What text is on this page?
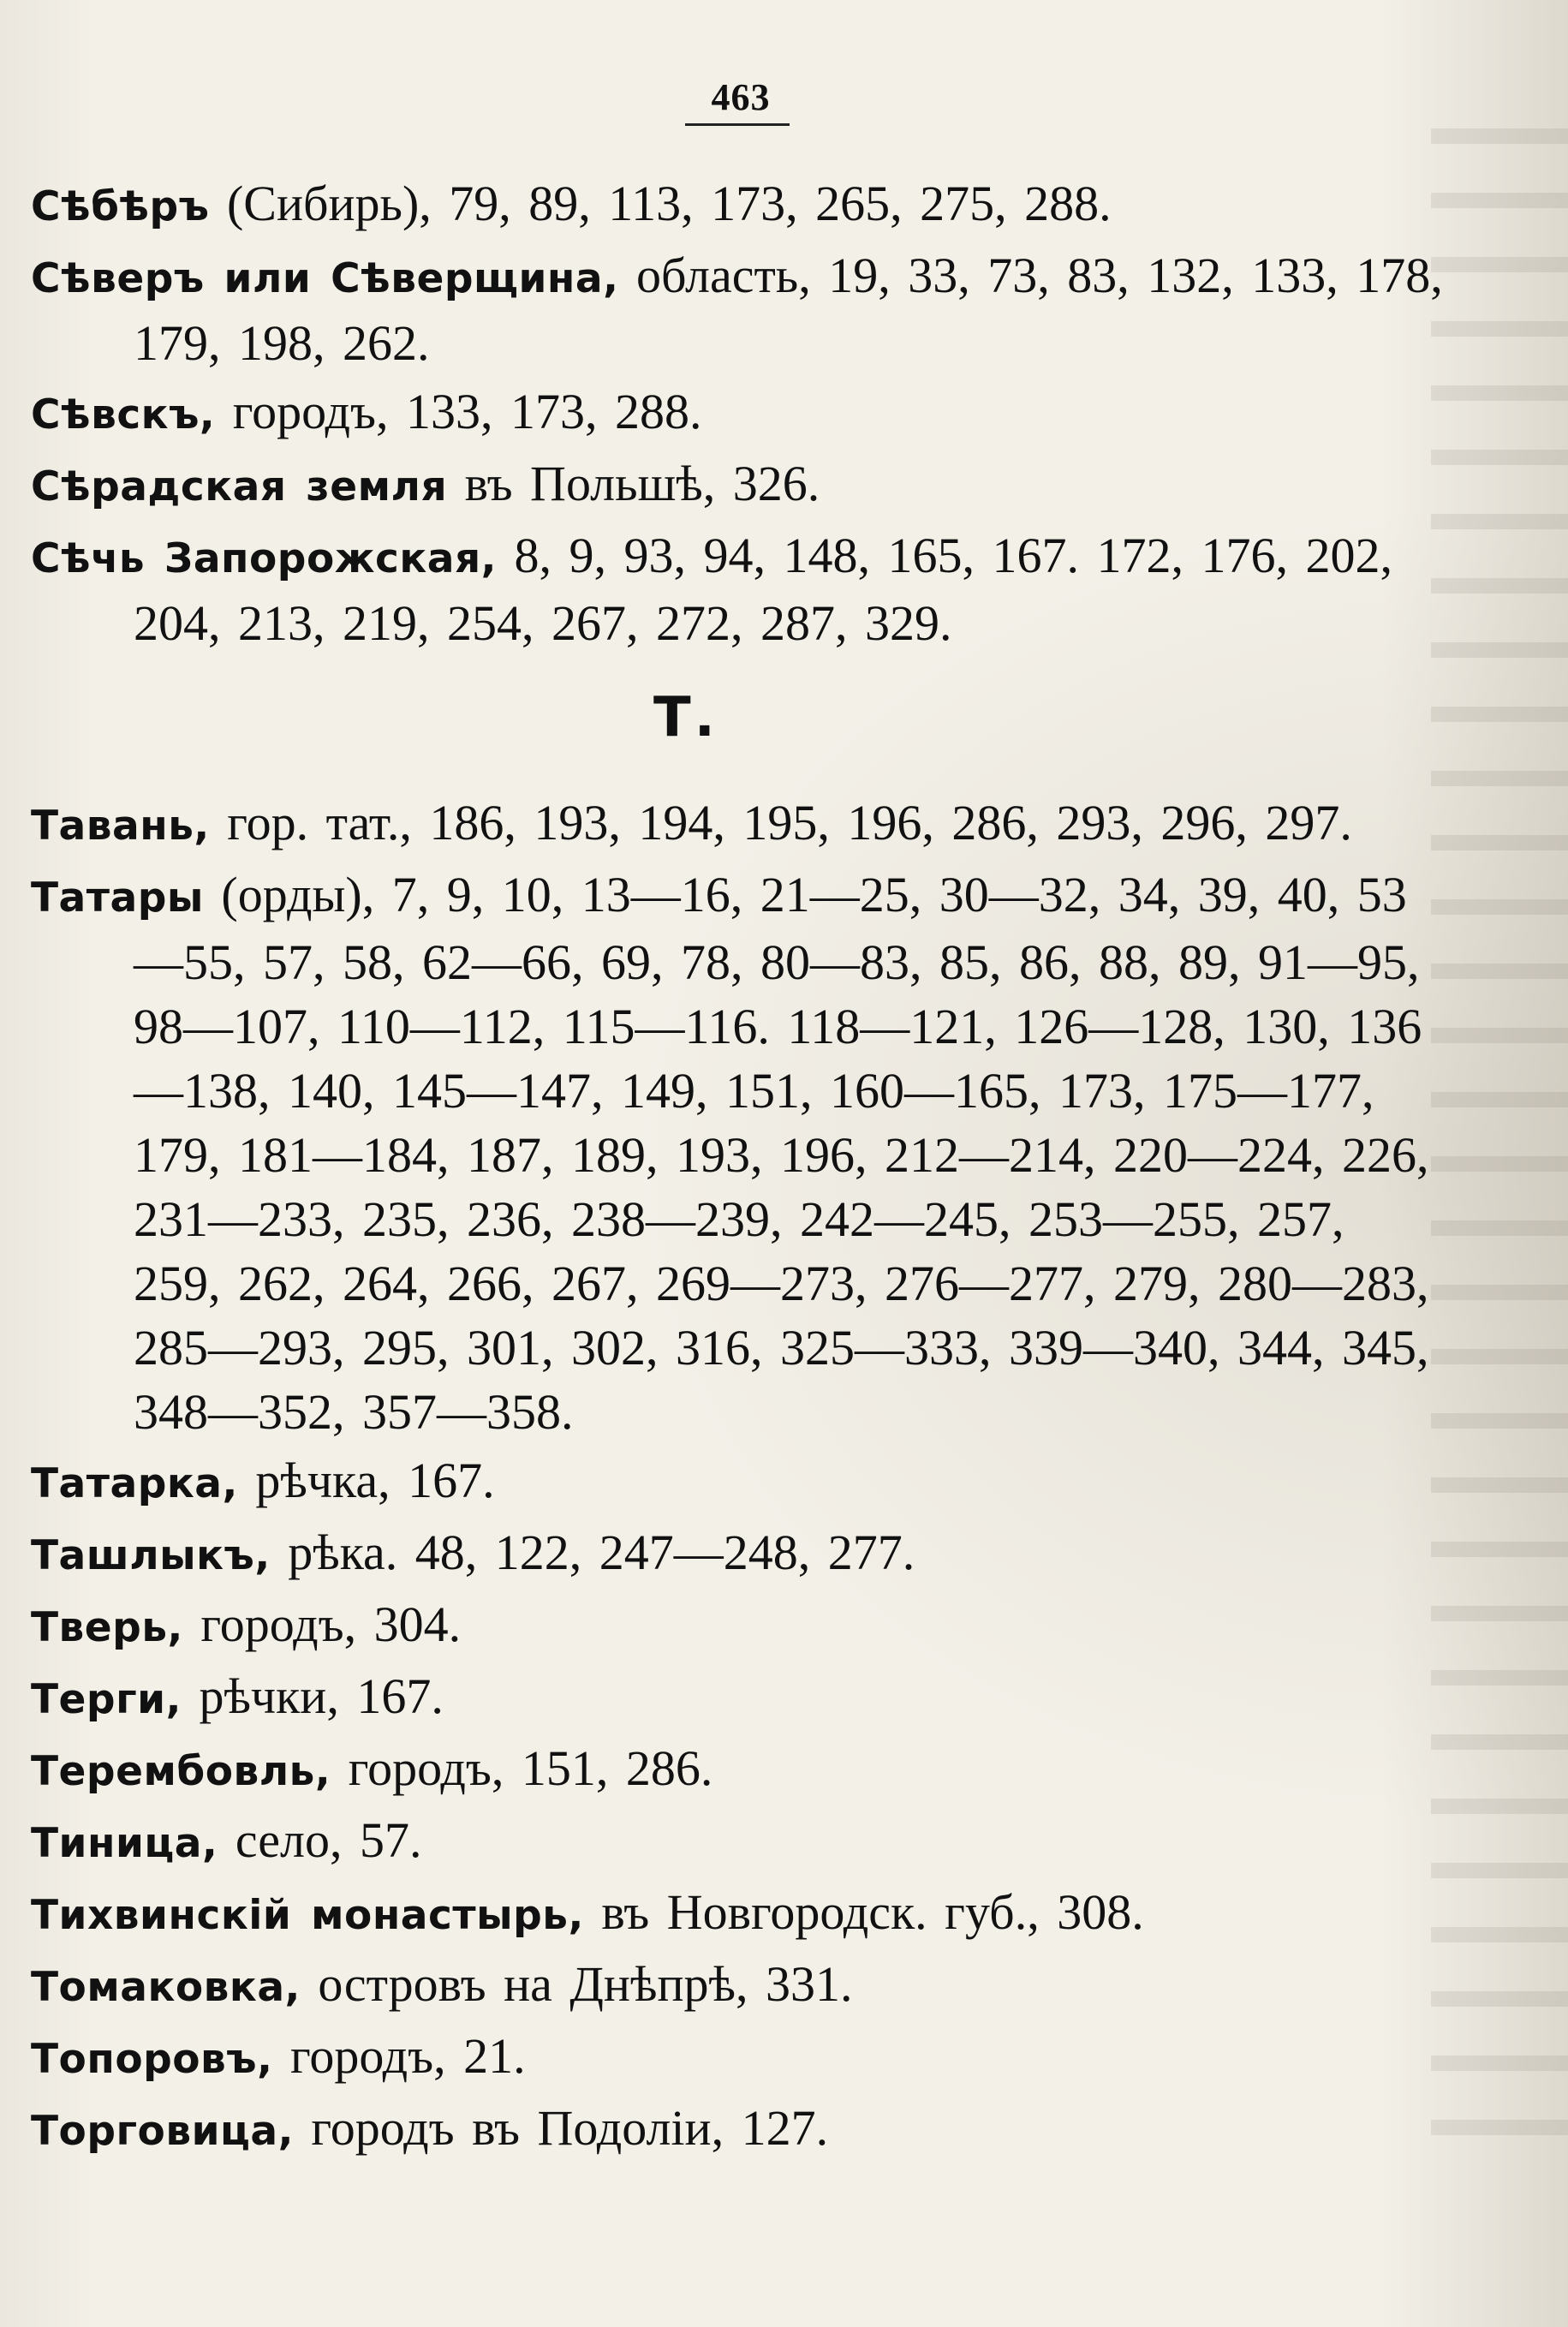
463
Сѣбѣръ (Сибирь), 79, 89, 113, 173, 265, 275, 288.
Сѣверъ или Сѣверщина, область, 19, 33, 73, 83, 132, 133, 178, 179, 198, 262.
Сѣвскъ, городъ, 133, 173, 288.
Сѣрадская земля въ Польшѣ, 326.
Сѣчь Запорожская, 8, 9, 93, 94, 148, 165, 167. 172, 176, 202, 204, 213, 219, 254, 267, 272, 287, 329.
Т.
Тавань, гор. тат., 186, 193, 194, 195, 196, 286, 293, 296, 297.
Татары (орды), 7, 9, 10, 13—16, 21—25, 30—32, 34, 39, 40, 53—55, 57, 58, 62—66, 69, 78, 80—83, 85, 86, 88, 89, 91—95, 98—107, 110—112, 115—116. 118—121, 126—128, 130, 136—138, 140, 145—147, 149, 151, 160—165, 173, 175—177, 179, 181—184, 187, 189, 193, 196, 212—214, 220—224, 226, 231—233, 235, 236, 238—239, 242—245, 253—255, 257, 259, 262, 264, 266, 267, 269—273, 276—277, 279, 280—283, 285—293, 295, 301, 302, 316, 325—333, 339—340, 344, 345, 348—352, 357—358.
Татарка, рѣчка, 167.
Ташлыкъ, рѣка. 48, 122, 247—248, 277.
Тверь, городъ, 304.
Терги, рѣчки, 167.
Терембовль, городъ, 151, 286.
Тиница, село, 57.
Тихвинскій монастырь, въ Новгородск. губ., 308.
Томаковка, островъ на Днѣпрѣ, 331.
Топоровъ, городъ, 21.
Торговица, городъ въ Подоліи, 127.
